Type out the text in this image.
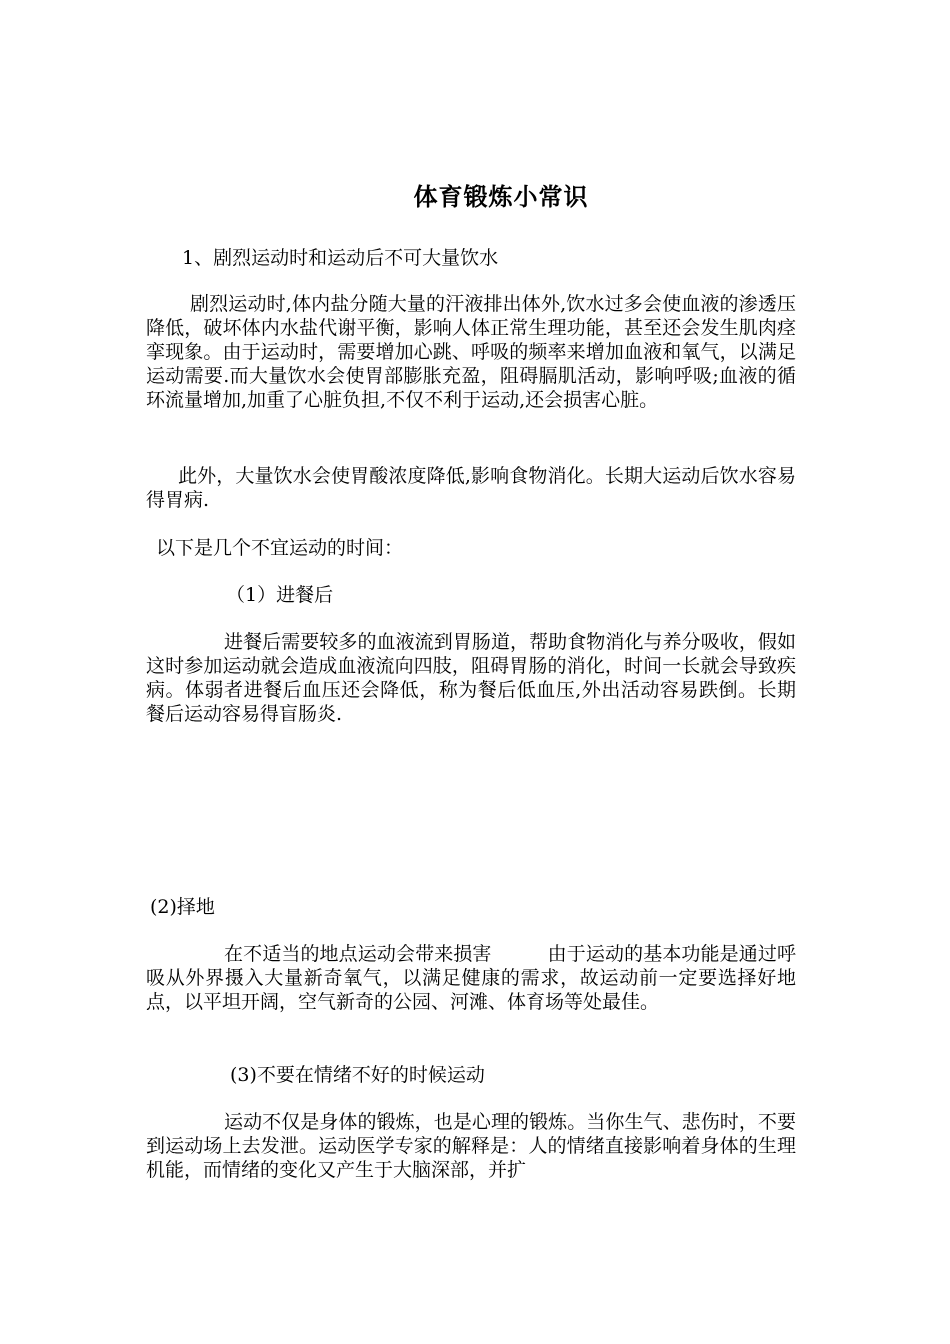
体育锻炼小常识
1、剧烈运动时和运动后不可大量饮水
剧烈运动时,体内盐分随大量的汗液排出体外,饮水过多会使血液的渗透压降低，破坏体内水盐代谢平衡，影响人体正常生理功能，甚至还会发生肌肉痉挛现象。由于运动时，需要增加心跳、呼吸的频率来增加血液和氧气，以满足运动需要.而大量饮水会使胃部膨胀充盈，阻碍膈肌活动，影响呼吸;血液的循环流量增加,加重了心脏负担,不仅不利于运动,还会损害心脏。
此外，大量饮水会使胃酸浓度降低,影响食物消化。长期大运动后饮水容易得胃病.
以下是几个不宜运动的时间：
（1）进餐后
进餐后需要较多的血液流到胃肠道，帮助食物消化与养分吸收，假如这时参加运动就会造成血液流向四肢，阻碍胃肠的消化，时间一长就会导致疾病。体弱者进餐后血压还会降低，称为餐后低血压,外出活动容易跌倒。长期餐后运动容易得盲肠炎.
(2)择地
在不适当的地点运动会带来损害	由于运动的基本功能是通过呼吸从外界摄入大量新奇氧气，以满足健康的需求，故运动前一定要选择好地点，以平坦开阔，空气新奇的公园、河滩、体育场等处最佳。
(3)不要在情绪不好的时候运动
运动不仅是身体的锻炼，也是心理的锻炼。当你生气、悲伤时，不要到运动场上去发泄。运动医学专家的解释是：人的情绪直接影响着身体的生理机能，而情绪的变化又产生于大脑深部，并扩
